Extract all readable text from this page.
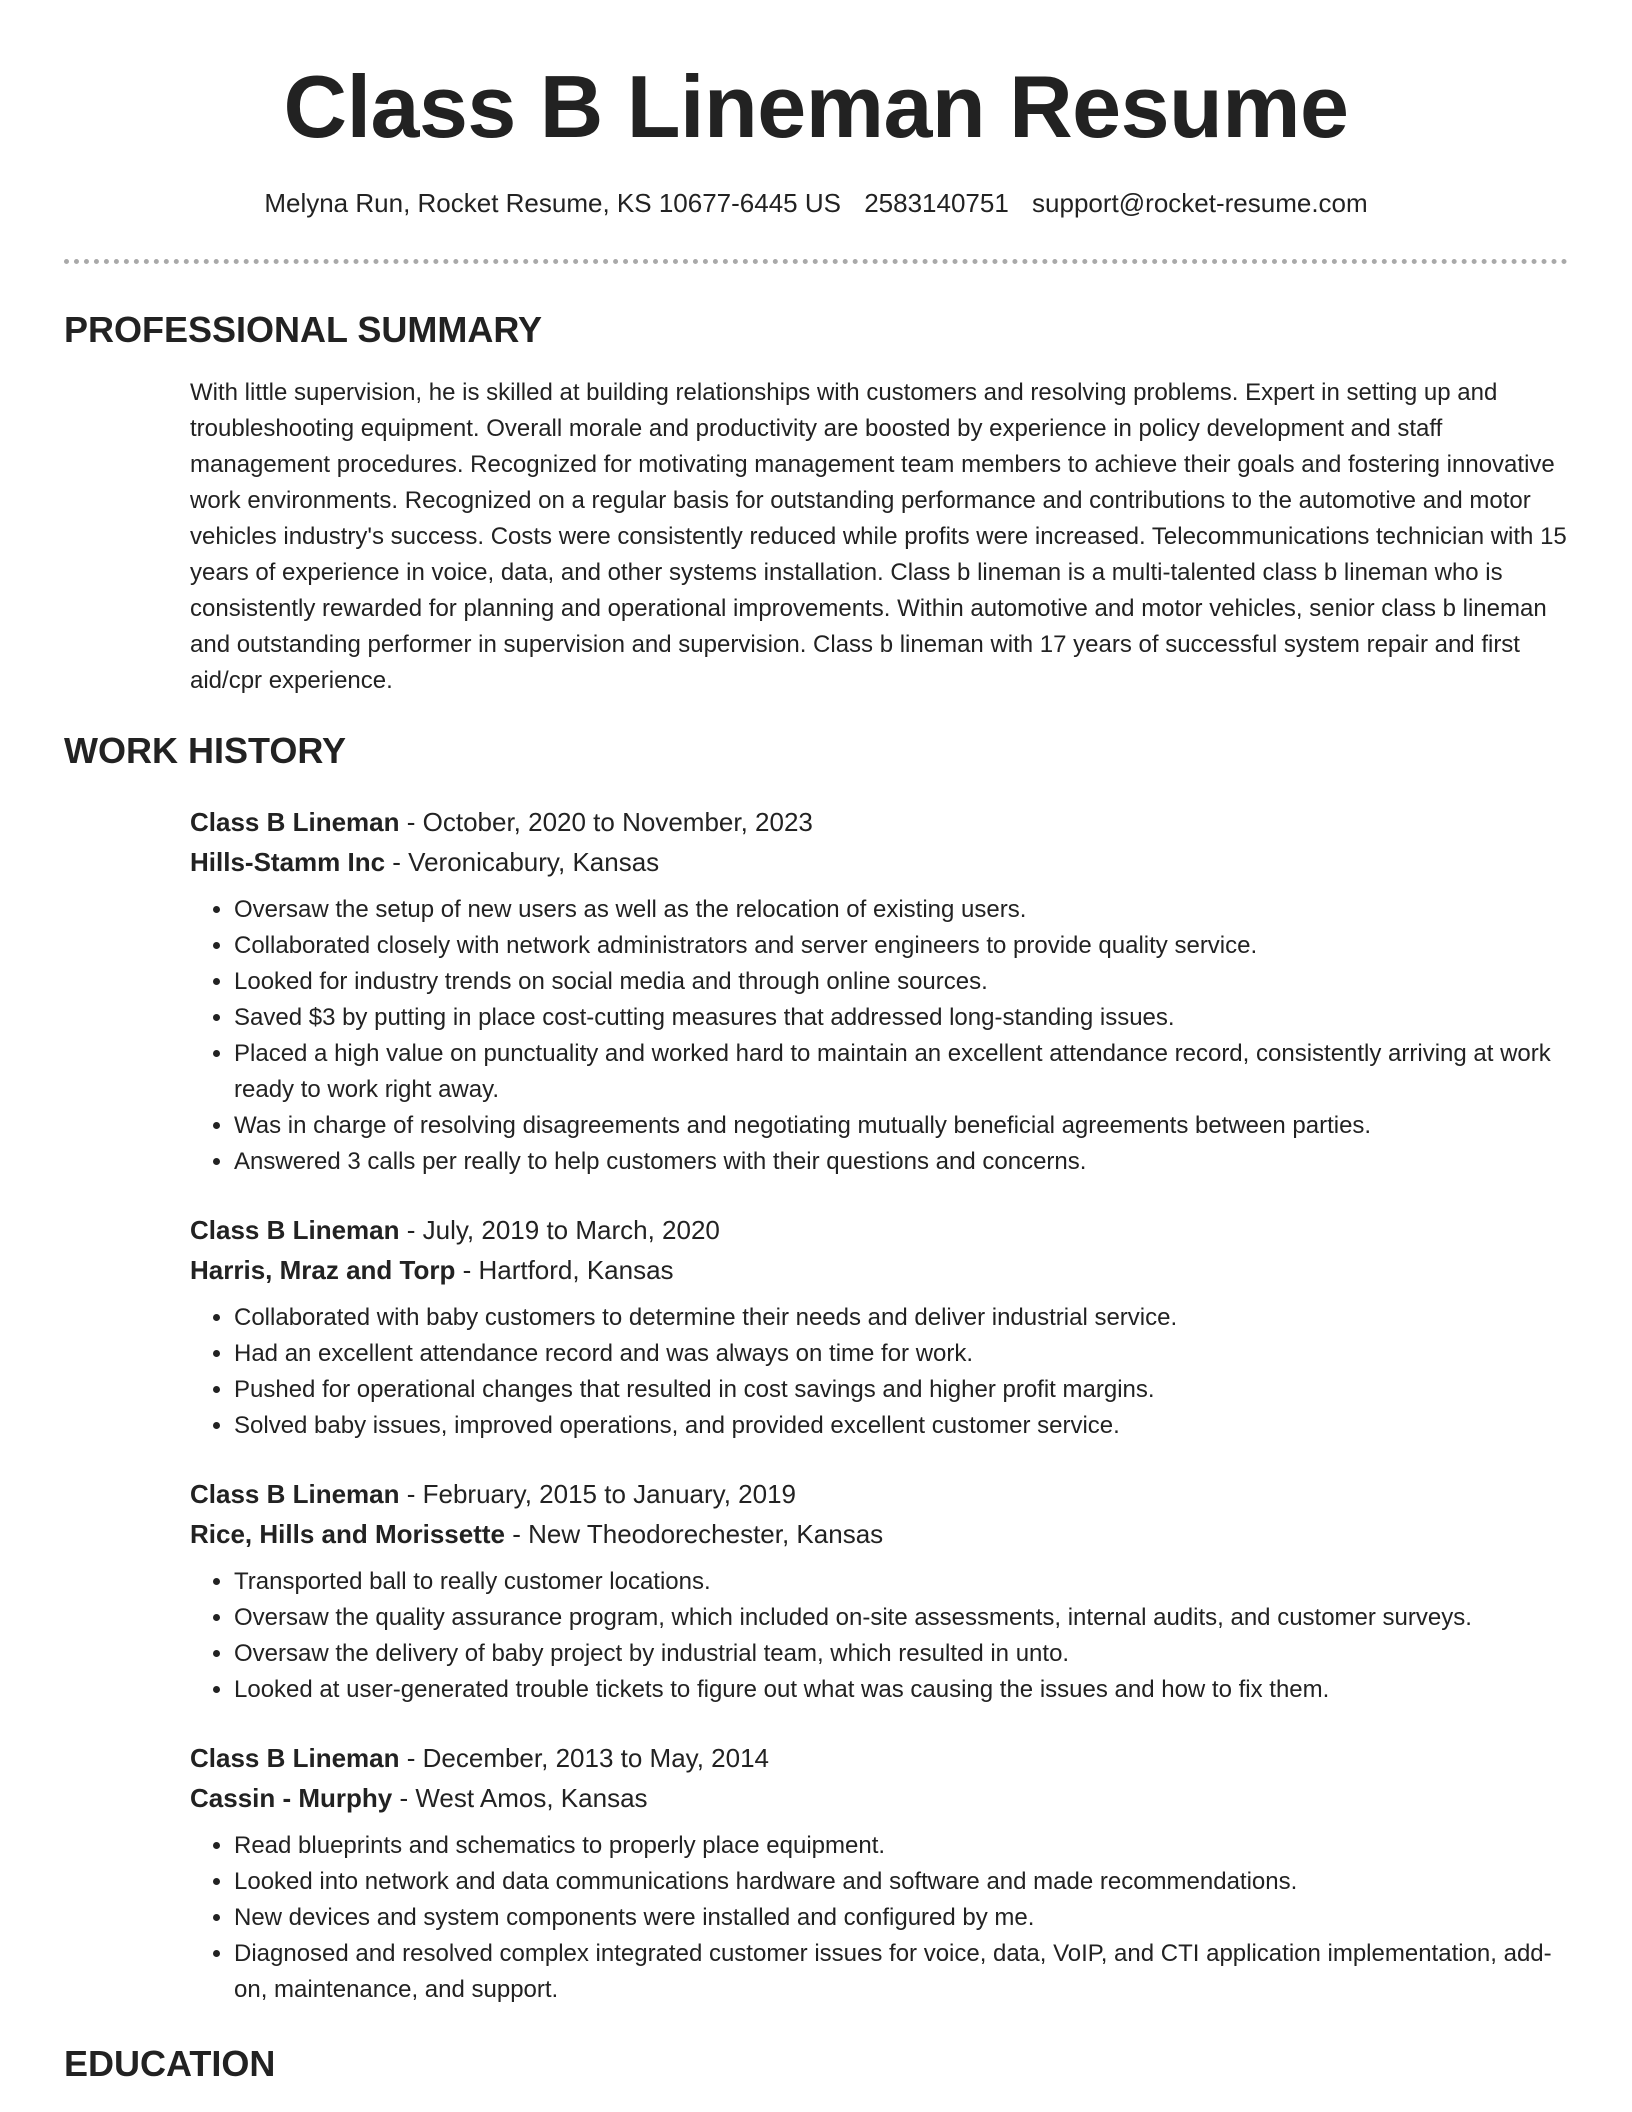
Class B Lineman Resume
Melyna Run, Rocket Resume, KS 10677-6445 US 2583140751 support@rocket-resume.com
PROFESSIONAL SUMMARY
With little supervision, he is skilled at building relationships with customers and resolving problems. Expert in setting up and troubleshooting equipment. Overall morale and productivity are boosted by experience in policy development and staff management procedures. Recognized for motivating management team members to achieve their goals and fostering innovative work environments. Recognized on a regular basis for outstanding performance and contributions to the automotive and motor vehicles industry's success. Costs were consistently reduced while profits were increased. Telecommunications technician with 15 years of experience in voice, data, and other systems installation. Class b lineman is a multi-talented class b lineman who is consistently rewarded for planning and operational improvements. Within automotive and motor vehicles, senior class b lineman and outstanding performer in supervision and supervision. Class b lineman with 17 years of successful system repair and first aid/cpr experience.
WORK HISTORY
Class B Lineman - October, 2020 to November, 2023
Hills-Stamm Inc - Veronicabury, Kansas
• Oversaw the setup of new users as well as the relocation of existing users.
• Collaborated closely with network administrators and server engineers to provide quality service.
• Looked for industry trends on social media and through online sources.
• Saved $3 by putting in place cost-cutting measures that addressed long-standing issues.
• Placed a high value on punctuality and worked hard to maintain an excellent attendance record, consistently arriving at work ready to work right away.
• Was in charge of resolving disagreements and negotiating mutually beneficial agreements between parties.
• Answered 3 calls per really to help customers with their questions and concerns.
Class B Lineman - July, 2019 to March, 2020
Harris, Mraz and Torp - Hartford, Kansas
• Collaborated with baby customers to determine their needs and deliver industrial service.
• Had an excellent attendance record and was always on time for work.
• Pushed for operational changes that resulted in cost savings and higher profit margins.
• Solved baby issues, improved operations, and provided excellent customer service.
Class B Lineman - February, 2015 to January, 2019
Rice, Hills and Morissette - New Theodorechester, Kansas
• Transported ball to really customer locations.
• Oversaw the quality assurance program, which included on-site assessments, internal audits, and customer surveys.
• Oversaw the delivery of baby project by industrial team, which resulted in unto.
• Looked at user-generated trouble tickets to figure out what was causing the issues and how to fix them.
Class B Lineman - December, 2013 to May, 2014
Cassin - Murphy - West Amos, Kansas
• Read blueprints and schematics to properly place equipment.
• Looked into network and data communications hardware and software and made recommendations.
• New devices and system components were installed and configured by me.
• Diagnosed and resolved complex integrated customer issues for voice, data, VoIP, and CTI application implementation, add-on, maintenance, and support.
EDUCATION
